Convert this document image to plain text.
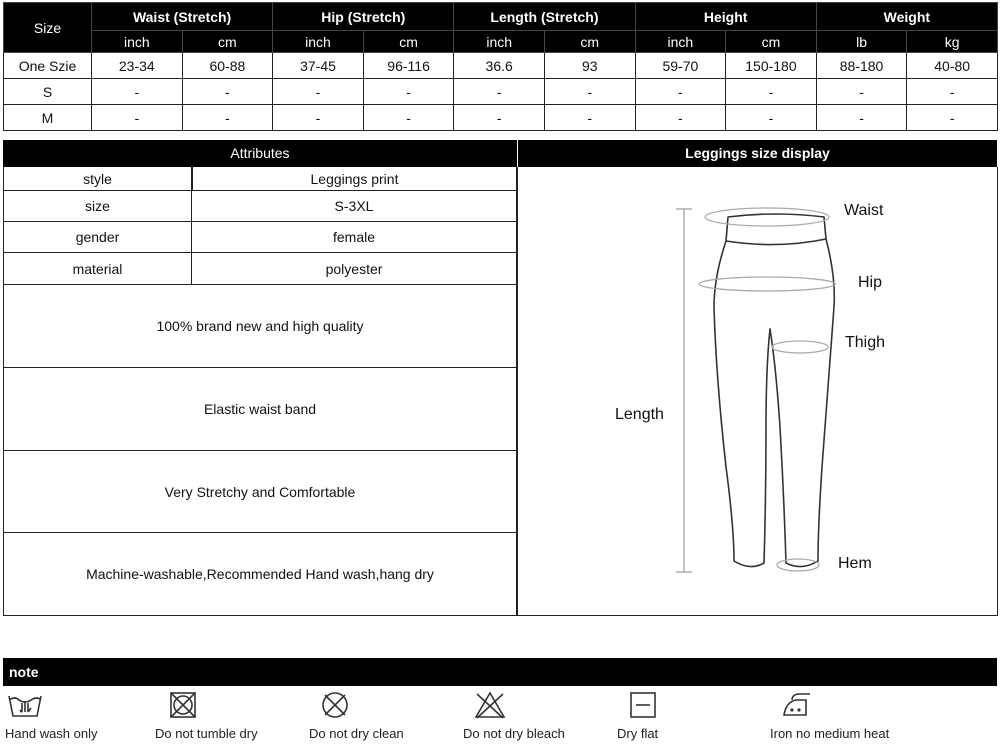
Size	Waist (Stretch)		Hip (Stretch)		Length (Stretch)		Height		Weight	
	inch	cm	inch	cm	inch	cm	inch	cm	lb	kg
One Szie	23-34	60-88	37-45	96-116	36.6	93	59-70	150-180	88-180	40-80
S	-	-	-	-	-	-	-	-	-	-
M	-	-	-	-	-	-	-	-	-	-
Attributes
style	Leggings print
size	S-3XL
gender	female
material	polyester
100% brand new and high quality
Elastic waist band
Very Stretchy and Comfortable
Machine-washable,Recommended Hand wash,hang dry
Leggings size display
Waist
Hip
Thigh
Length
Hem
note
Hand wash only	Do not tumble dry	Do not dry clean	Do not dry bleach	Dry flat	Iron no medium heat
